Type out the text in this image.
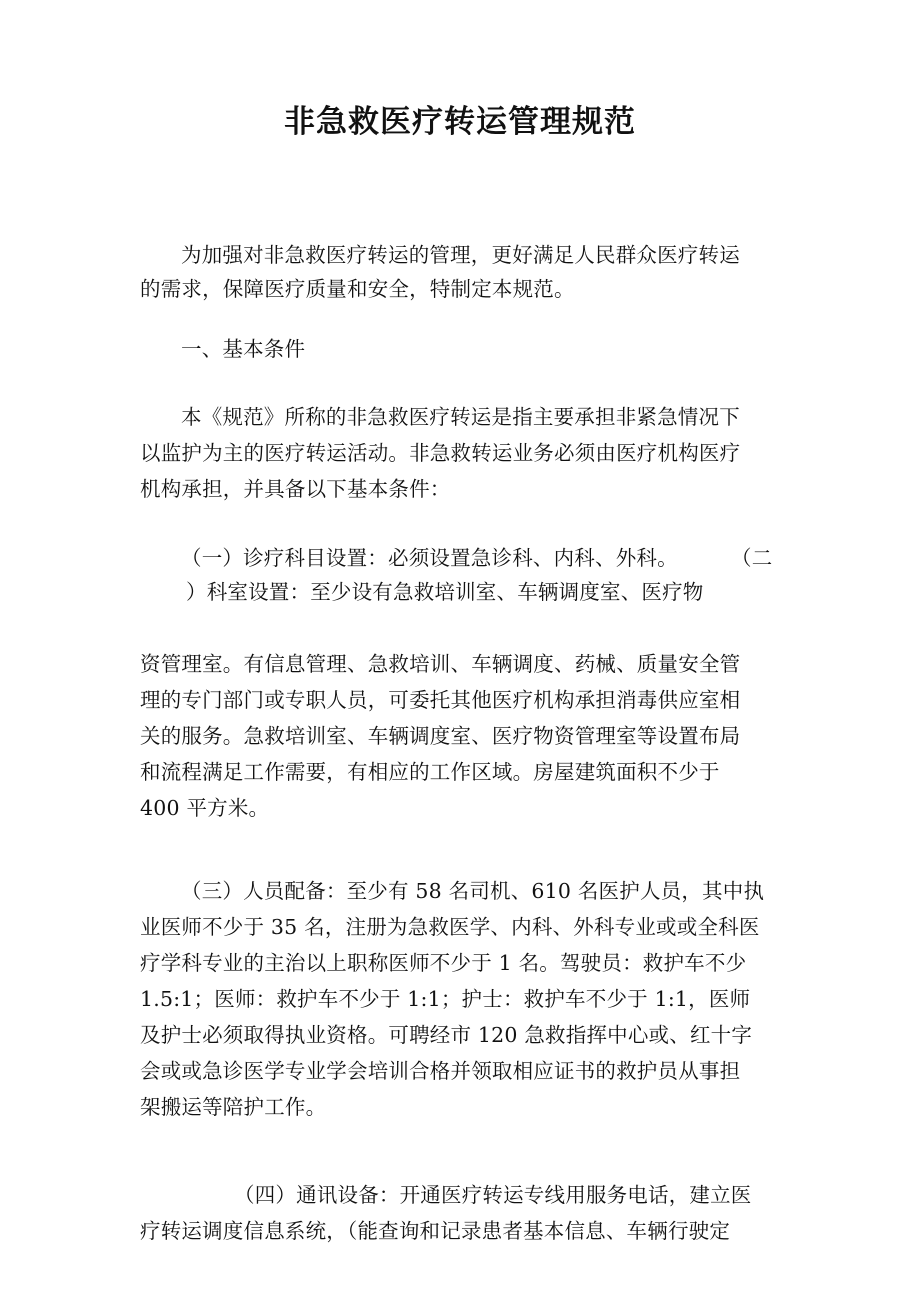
非急救医疗转运管理规范
为加强对非急救医疗转运的管理，更好满足人民群众医疗转运
的需求，保障医疗质量和安全，特制定本规范。
一、基本条件
本《规范》所称的非急救医疗转运是指主要承担非紧急情况下
以监护为主的医疗转运活动。非急救转运业务必须由医疗机构医疗
机构承担，并具备以下基本条件：
（一）诊疗科目设置：必须设置急诊科、内科、外科。	（二
）科室设置：至少设有急救培训室、车辆调度室、医疗物
资管理室。有信息管理、急救培训、车辆调度、药械、质量安全管
理的专门部门或专职人员，可委托其他医疗机构承担消毒供应室相
关的服务。急救培训室、车辆调度室、医疗物资管理室等设置布局
和流程满足工作需要，有相应的工作区域。房屋建筑面积不少于
400 平方米。
（三）人员配备：至少有 58 名司机、610 名医护人员，其中执
业医师不少于 35 名，注册为急救医学、内科、外科专业或或全科医
疗学科专业的主治以上职称医师不少于 1 名。驾驶员：救护车不少
1.5:1；医师：救护车不少于 1:1；护士：救护车不少于 1:1，医师
及护士必须取得执业资格。可聘经市 120 急救指挥中心或、红十字
会或或急诊医学专业学会培训合格并领取相应证书的救护员从事担
架搬运等陪护工作。
（四）通讯设备：开通医疗转运专线用服务电话，建立医
疗转运调度信息系统，（能查询和记录患者基本信息、车辆行驶定
